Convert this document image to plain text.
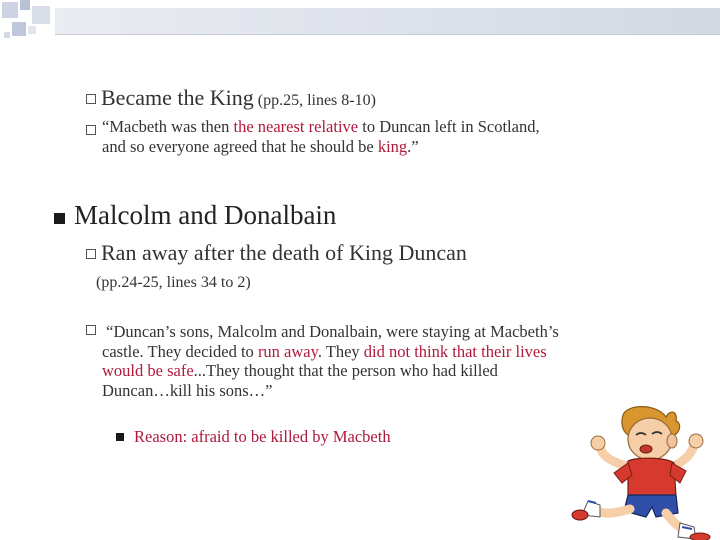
Became the King (pp.25, lines 8-10)
“Macbeth was then the nearest relative to Duncan left in Scotland,
and so everyone agreed that he should be king.”
Malcolm and Donalbain
Ran away after the death of King Duncan
(pp.24-25, lines 34 to 2)
“Duncan’s sons, Malcolm and Donalbain, were staying at Macbeth’s
castle. They decided to run away. They did not think that their lives
would be safe...They thought that the person who had killed
Duncan…kill his sons…”
Reason: afraid to be killed by Macbeth
